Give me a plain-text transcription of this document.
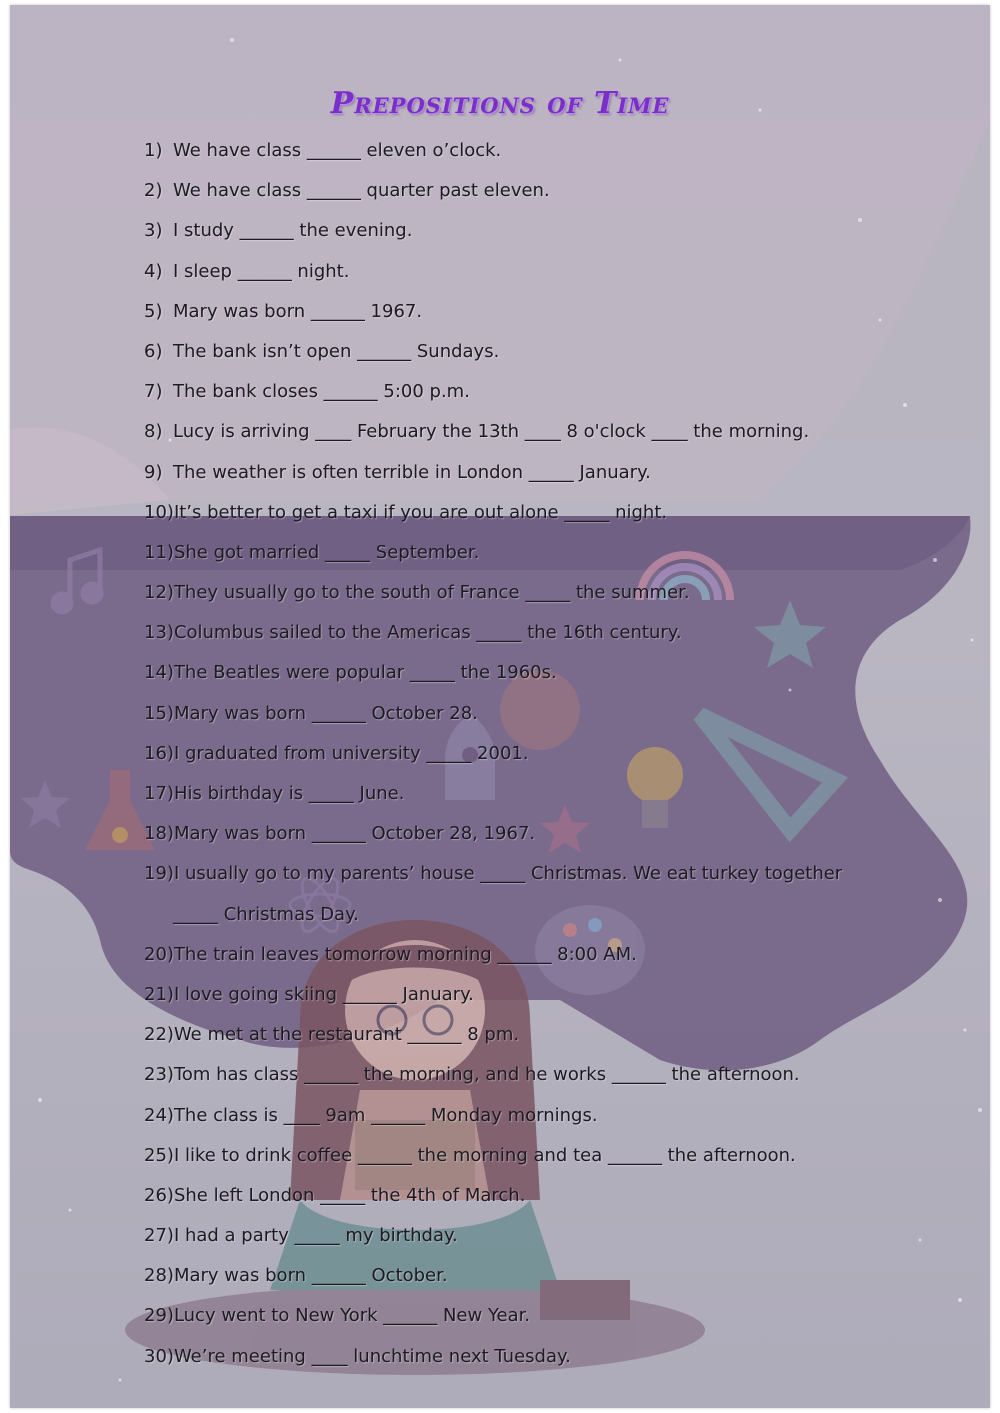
Prepositions of Time
1) We have class ______ eleven o’clock.
2) We have class ______ quarter past eleven.
3) I study ______ the evening.
4) I sleep ______ night.
5) Mary was born ______ 1967.
6) The bank isn’t open ______ Sundays.
7) The bank closes ______ 5:00 p.m.
8) Lucy is arriving ____ February the 13th ____ 8 o'clock ____ the morning.
9) The weather is often terrible in London _____ January.
10)It’s better to get a taxi if you are out alone _____ night.
11)She got married _____ September.
12)They usually go to the south of France _____ the summer.
13)Columbus sailed to the Americas _____ the 16th century.
14)The Beatles were popular _____ the 1960s.
15)Mary was born ______ October 28.
16)I graduated from university _____ 2001.
17)His birthday is _____ June.
18)Mary was born ______ October 28, 1967.
19)I usually go to my parents’ house _____ Christmas. We eat turkey together
_____ Christmas Day.
20)The train leaves tomorrow morning ______ 8:00 AM.
21)I love going skiing ______ January.
22)We met at the restaurant ______ 8 pm.
23)Tom has class ______ the morning, and he works ______ the afternoon.
24)The class is ____ 9am ______ Monday mornings.
25)I like to drink coffee ______ the morning and tea ______ the afternoon.
26)She left London _____ the 4th of March.
27)I had a party _____ my birthday.
28)Mary was born ______ October.
29)Lucy went to New York ______ New Year.
30)We’re meeting ____ lunchtime next Tuesday.
